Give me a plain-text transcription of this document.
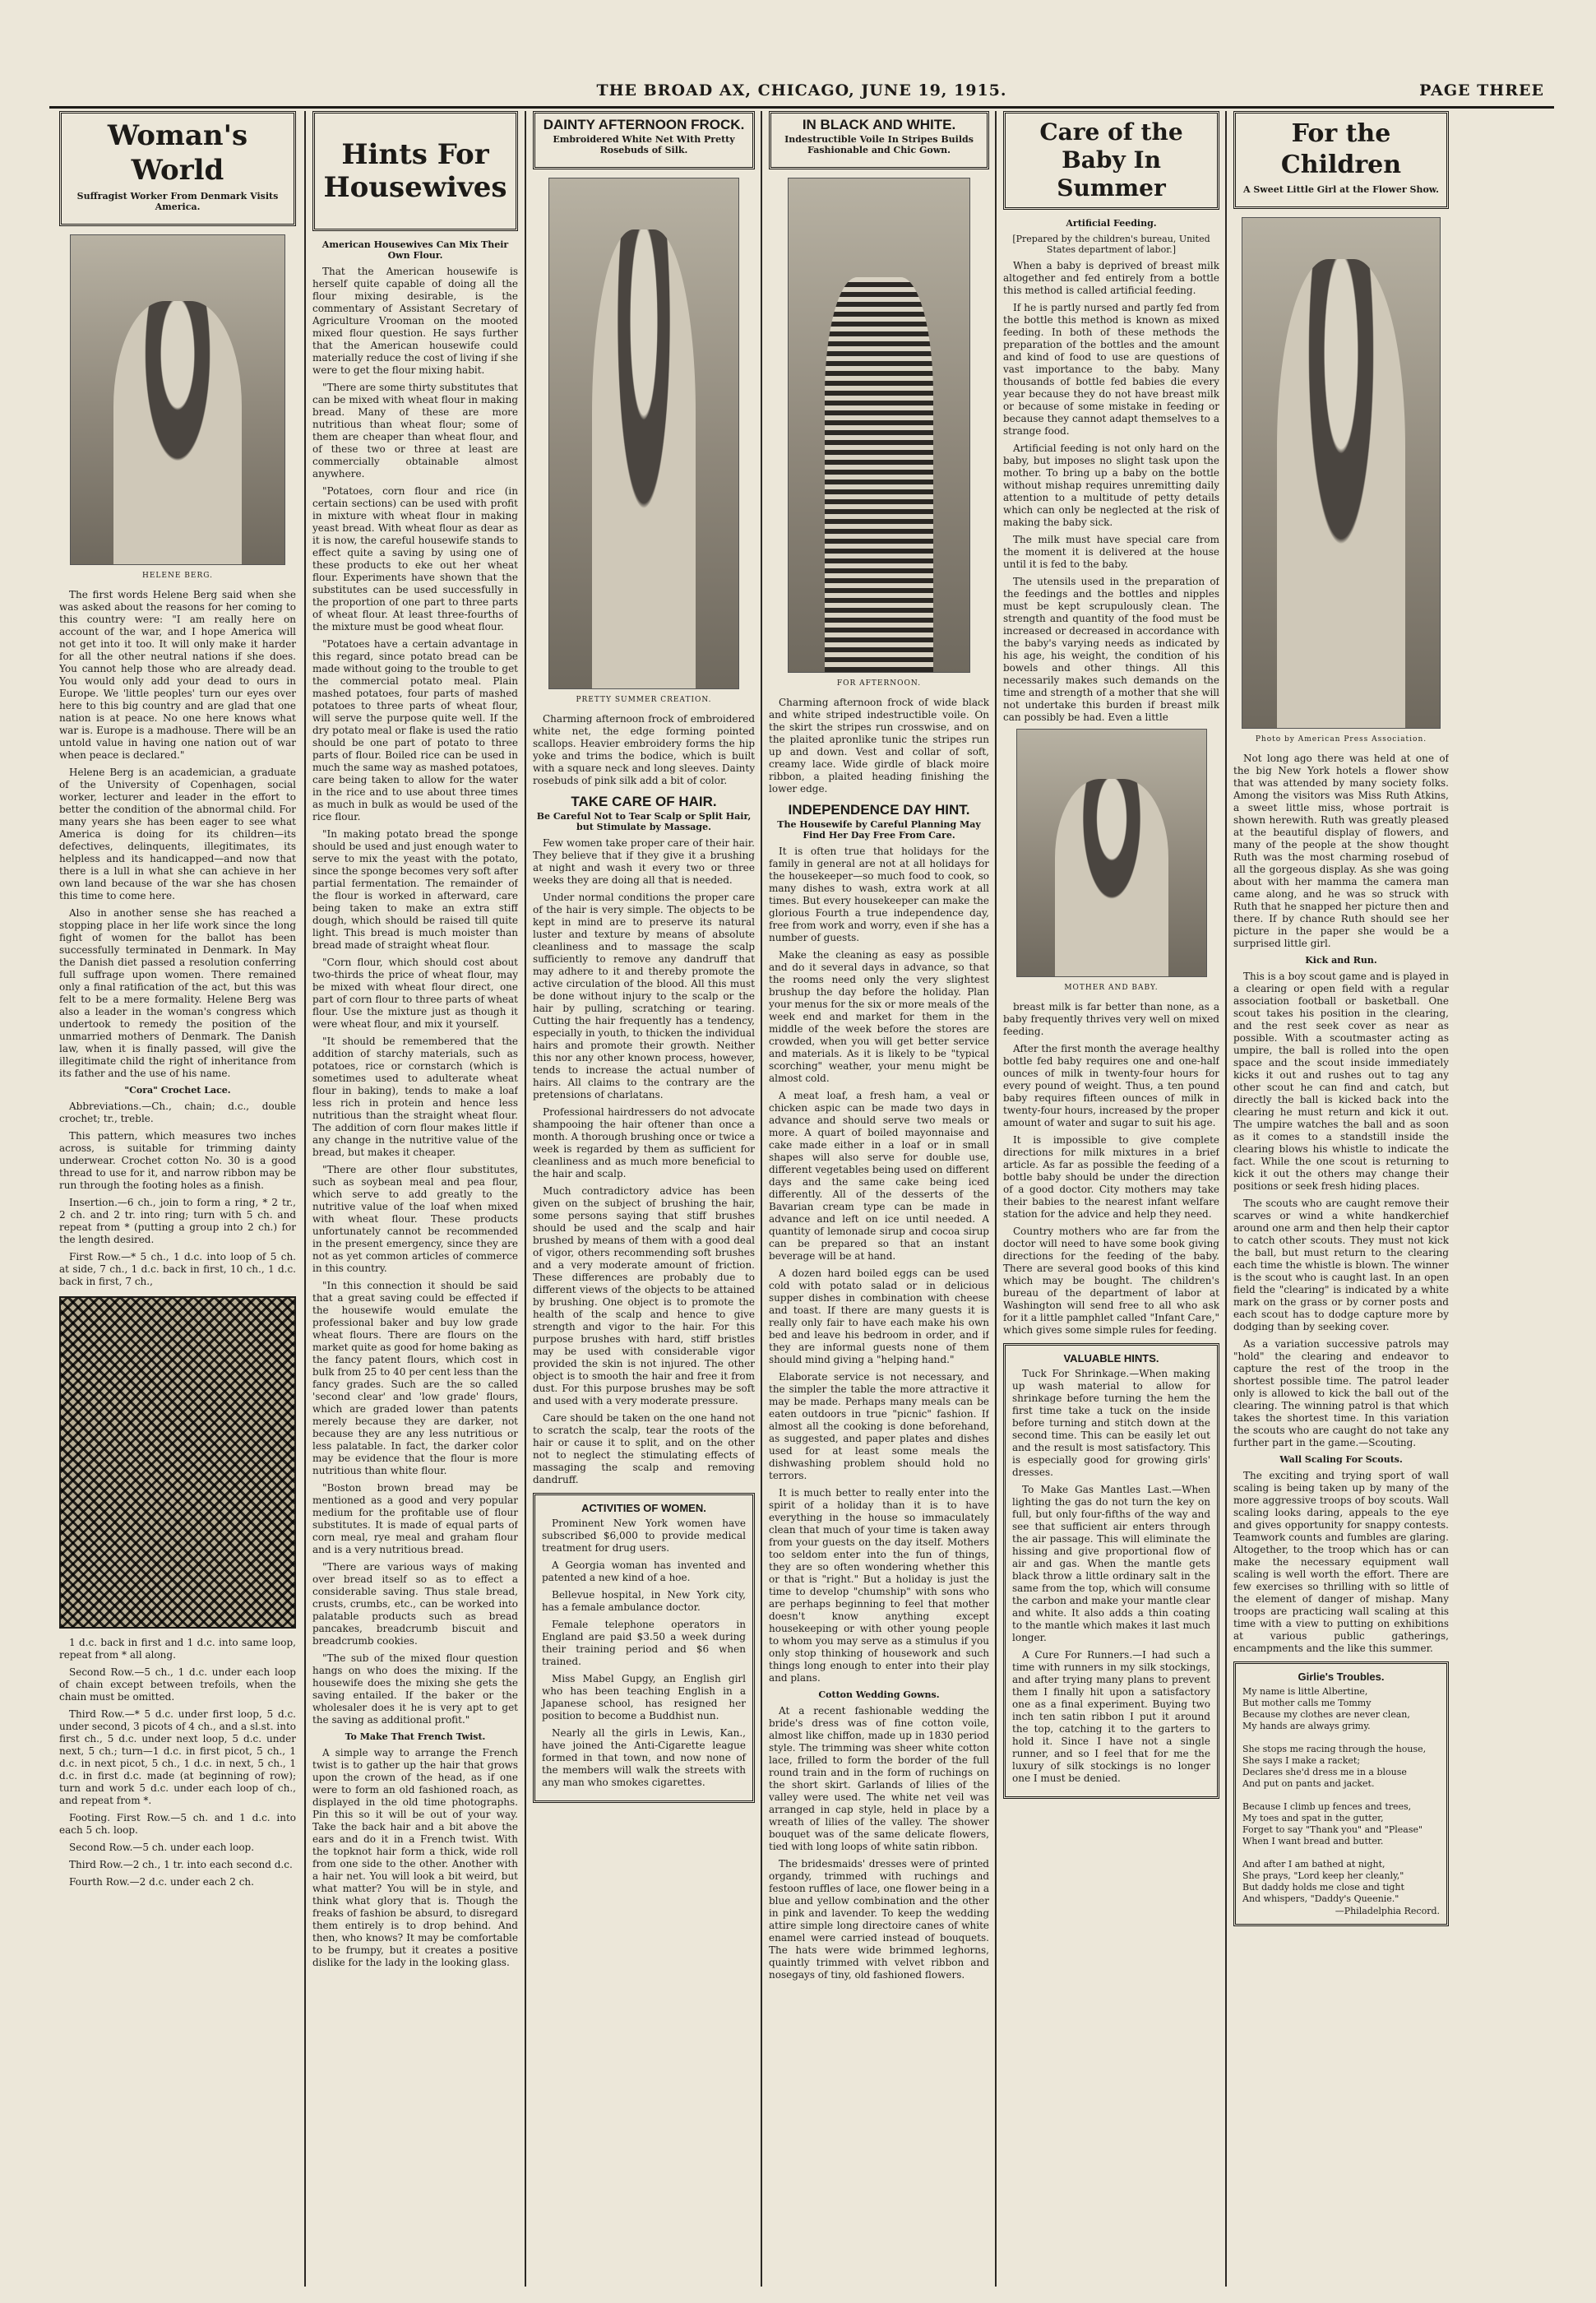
THE BROAD AX, CHICAGO, JUNE 19, 1915.	PAGE THREE
Woman's World
Suffragist Worker From Denmark Visits America.
HELENE BERG.

The first words Helene Berg said when she was asked about the reasons for her coming to this country were: "I am really here on account of the war, and I hope America will not get into it too. It will only make it harder for all the other neutral nations if she does. You cannot help those who are already dead. You would only add your dead to ours in Europe. We 'little peoples' turn our eyes over here to this big country and are glad that one nation is at peace. No one here knows what war is. Europe is a madhouse. There will be an untold value in having one nation out of war when peace is declared."

Helene Berg is an academician, a graduate of the University of Copenhagen, social worker, lecturer and leader in the effort to better the condition of the abnormal child. For many years she has been eager to see what America is doing for its children—its defectives, delinquents, illegitimates, its helpless and its handicapped—and now that there is a lull in what she can achieve in her own land because of the war she has chosen this time to come here.

Also in another sense she has reached a stopping place in her life work since the long fight of women for the ballot has been successfully terminated in Denmark. In May the Danish diet passed a resolution conferring full suffrage upon women. There remained only a final ratification of the act, but this was felt to be a mere formality. Helene Berg was also a leader in the woman's congress which undertook to remedy the position of the unmarried mothers of Denmark. The Danish law, when it is finally passed, will give the illegitimate child the right of inheritance from its father and the use of his name.

"Cora" Crochet Lace.

Abbreviations.—Ch., chain; d.c., double crochet; tr., treble.

This pattern, which measures two inches across, is suitable for trimming dainty underwear. Crochet cotton No. 30 is a good thread to use for it, and narrow ribbon may be run through the footing holes as a finish.

Insertion.—6 ch., join to form a ring, * 2 tr., 2 ch. and 2 tr. into ring; turn with 5 ch. and repeat from * (putting a group into 2 ch.) for the length desired.

First Row.—* 5 ch., 1 d.c. into loop of 5 ch. at side, 7 ch., 1 d.c. back in first, 10 ch., 1 d.c. back in first, 7 ch.,

1 d.c. back in first and 1 d.c. into same loop, repeat from * all along.

Second Row.—5 ch., 1 d.c. under each loop of chain except between trefoils, when the chain must be omitted.

Third Row.—* 5 d.c. under first loop, 5 d.c. under second, 3 picots of 4 ch., and a sl.st. into first ch., 5 d.c. under next loop, 5 d.c. under next, 5 ch.; turn—1 d.c. in first picot, 5 ch., 1 d.c. in next picot, 5 ch., 1 d.c. in next, 5 ch., 1 d.c. in first d.c. made (at beginning of row); turn and work 5 d.c. under each loop of ch., and repeat from *.

Footing. First Row.—5 ch. and 1 d.c. into each 5 ch. loop.

Second Row.—5 ch. under each loop.

Third Row.—2 ch., 1 tr. into each second d.c.

Fourth Row.—2 d.c. under each 2 ch.

Hints For Housewives
American Housewives Can Mix Their Own Flour.

That the American housewife is herself quite capable of doing all the flour mixing desirable, is the commentary of Assistant Secretary of Agriculture Vrooman on the mooted mixed flour question. He says further that the American housewife could materially reduce the cost of living if she were to get the flour mixing habit.

"There are some thirty substitutes that can be mixed with wheat flour in making bread. Many of these are more nutritious than wheat flour; some of them are cheaper than wheat flour, and of these two or three at least are commercially obtainable almost anywhere.

"Potatoes, corn flour and rice (in certain sections) can be used with profit in mixture with wheat flour in making yeast bread. With wheat flour as dear as it is now, the careful housewife stands to effect quite a saving by using one of these products to eke out her wheat flour. Experiments have shown that the substitutes can be used successfully in the proportion of one part to three parts of wheat flour. At least three-fourths of the mixture must be good wheat flour.

"Potatoes have a certain advantage in this regard, since potato bread can be made without going to the trouble to get the commercial potato meal. Plain mashed potatoes, four parts of mashed potatoes to three parts of wheat flour, will serve the purpose quite well. If the dry potato meal or flake is used the ratio should be one part of potato to three parts of flour. Boiled rice can be used in much the same way as mashed potatoes, care being taken to allow for the water in the rice and to use about three times as much in bulk as would be used of the rice flour.

"In making potato bread the sponge should be used and just enough water to serve to mix the yeast with the potato, since the sponge becomes very soft after partial fermentation. The remainder of the flour is worked in afterward, care being taken to make an extra stiff dough, which should be raised till quite light. This bread is much moister than bread made of straight wheat flour.

"Corn flour, which should cost about two-thirds the price of wheat flour, may be mixed with wheat flour direct, one part of corn flour to three parts of wheat flour. Use the mixture just as though it were wheat flour, and mix it yourself.

"It should be remembered that the addition of starchy materials, such as potatoes, rice or cornstarch (which is sometimes used to adulterate wheat flour in baking), tends to make a loaf less rich in protein and hence less nutritious than the straight wheat flour. The addition of corn flour makes little if any change in the nutritive value of the bread, but makes it cheaper.

"There are other flour substitutes, such as soybean meal and pea flour, which serve to add greatly to the nutritive value of the loaf when mixed with wheat flour. These products unfortunately cannot be recommended in the present emergency, since they are not as yet common articles of commerce in this country.

"In this connection it should be said that a great saving could be effected if the housewife would emulate the professional baker and buy low grade wheat flours. There are flours on the market quite as good for home baking as the fancy patent flours, which cost in bulk from 25 to 40 per cent less than the fancy grades. Such are the so called 'second clear' and 'low grade' flours, which are graded lower than patents merely because they are darker, not because they are any less nutritious or less palatable. In fact, the darker color may be evidence that the flour is more nutritious than white flour.

"Boston brown bread may be mentioned as a good and very popular medium for the profitable use of flour substitutes. It is made of equal parts of corn meal, rye meal and graham flour and is a very nutritious bread.

"There are various ways of making over bread itself so as to effect a considerable saving. Thus stale bread, crusts, crumbs, etc., can be worked into palatable products such as bread pancakes, breadcrumb biscuit and breadcrumb cookies.

"The sub of the mixed flour question hangs on who does the mixing. If the housewife does the mixing she gets the saving entailed. If the baker or the wholesaler does it he is very apt to get the saving as additional profit."

To Make That French Twist.

A simple way to arrange the French twist is to gather up the hair that grows upon the crown of the head, as if one were to form an old fashioned roach, as displayed in the old time photographs. Pin this so it will be out of your way. Take the back hair and a bit above the ears and do it in a French twist. With the topknot hair form a thick, wide roll from one side to the other. Another with a hair net. You will look a bit weird, but what matter? You will be in style, and think what glory that is. Though the freaks of fashion be absurd, to disregard them entirely is to drop behind. And then, who knows? It may be comfortable to be frumpy, but it creates a positive dislike for the lady in the looking glass.

DAINTY AFTERNOON FROCK.
Embroidered White Net With Pretty Rosebuds of Silk.
PRETTY SUMMER CREATION.

Charming afternoon frock of embroidered white net, the edge forming pointed scallops. Heavier embroidery forms the hip yoke and trims the bodice, which is built with a square neck and long sleeves. Dainty rosebuds of pink silk add a bit of color.

TAKE CARE OF HAIR.
Be Careful Not to Tear Scalp or Split Hair, but Stimulate by Massage.

Few women take proper care of their hair. They believe that if they give it a brushing at night and wash it every two or three weeks they are doing all that is needed.

Under normal conditions the proper care of the hair is very simple. The objects to be kept in mind are to preserve its natural luster and texture by means of absolute cleanliness and to massage the scalp sufficiently to remove any dandruff that may adhere to it and thereby promote the active circulation of the blood. All this must be done without injury to the scalp or the hair by pulling, scratching or tearing. Cutting the hair frequently has a tendency, especially in youth, to thicken the individual hairs and promote their growth. Neither this nor any other known process, however, tends to increase the actual number of hairs. All claims to the contrary are the pretensions of charlatans.

Professional hairdressers do not advocate shampooing the hair oftener than once a month. A thorough brushing once or twice a week is regarded by them as sufficient for cleanliness and as much more beneficial to the hair and scalp.

Much contradictory advice has been given on the subject of brushing the hair, some persons saying that stiff brushes should be used and the scalp and hair brushed by means of them with a good deal of vigor, others recommending soft brushes and a very moderate amount of friction. These differences are probably due to different views of the objects to be attained by brushing. One object is to promote the health of the scalp and hence to give strength and vigor to the hair. For this purpose brushes with hard, stiff bristles may be used with considerable vigor provided the skin is not injured. The other object is to smooth the hair and free it from dust. For this purpose brushes may be soft and used with a very moderate pressure.

Care should be taken on the one hand not to scratch the scalp, tear the roots of the hair or cause it to split, and on the other not to neglect the stimulating effects of massaging the scalp and removing dandruff.

ACTIVITIES OF WOMEN.

Prominent New York women have subscribed $6,000 to provide medical treatment for drug users.

A Georgia woman has invented and patented a new kind of a hoe.

Bellevue hospital, in New York city, has a female ambulance doctor.

Female telephone operators in England are paid $3.50 a week during their training period and $6 when trained.

Miss Mabel Gupgy, an English girl who has been teaching English in a Japanese school, has resigned her position to become a Buddhist nun.

Nearly all the girls in Lewis, Kan., have joined the Anti-Cigarette league formed in that town, and now none of the members will walk the streets with any man who smokes cigarettes.

IN BLACK AND WHITE.
Indestructible Voile In Stripes Builds Fashionable and Chic Gown.
FOR AFTERNOON.

Charming afternoon frock of wide black and white striped indestructible voile. On the skirt the stripes run crosswise, and on the plaited apronlike tunic the stripes run up and down. Vest and collar of soft, creamy lace. Wide girdle of black moire ribbon, a plaited heading finishing the lower edge.

INDEPENDENCE DAY HINT.
The Housewife by Careful Planning May Find Her Day Free From Care.

It is often true that holidays for the family in general are not at all holidays for the housekeeper—so much food to cook, so many dishes to wash, extra work at all times. But every housekeeper can make the glorious Fourth a true independence day, free from work and worry, even if she has a number of guests.

Make the cleaning as easy as possible and do it several days in advance, so that the rooms need only the very slightest brushup the day before the holiday. Plan your menus for the six or more meals of the week end and market for them in the middle of the week before the stores are crowded, when you will get better service and materials. As it is likely to be "typical scorching" weather, your menu might be almost cold.

A meat loaf, a fresh ham, a veal or chicken aspic can be made two days in advance and should serve two meals or more. A quart of boiled mayonnaise and cake made either in a loaf or in small shapes will also serve for double use, different vegetables being used on different days and the same cake being iced differently. All of the desserts of the Bavarian cream type can be made in advance and left on ice until needed. A quantity of lemonade sirup and cocoa sirup can be prepared so that an instant beverage will be at hand.

A dozen hard boiled eggs can be used cold with potato salad or in delicious supper dishes in combination with cheese and toast. If there are many guests it is really only fair to have each make his own bed and leave his bedroom in order, and if they are informal guests none of them should mind giving a "helping hand."

Elaborate service is not necessary, and the simpler the table the more attractive it may be made. Perhaps many meals can be eaten outdoors in true "picnic" fashion. If almost all the cooking is done beforehand, as suggested, and paper plates and dishes used for at least some meals the dishwashing problem should hold no terrors.

It is much better to really enter into the spirit of a holiday than it is to have everything in the house so immaculately clean that much of your time is taken away from your guests on the day itself. Mothers too seldom enter into the fun of things, they are so often wondering whether this or that is "right." But a holiday is just the time to develop "chumship" with sons who are perhaps beginning to feel that mother doesn't know anything except housekeeping or with other young people to whom you may serve as a stimulus if you only stop thinking of housework and such things long enough to enter into their play and plans.

Cotton Wedding Gowns.

At a recent fashionable wedding the bride's dress was of fine cotton voile, almost like chiffon, made up in 1830 period style. The trimming was sheer white cotton lace, frilled to form the border of the full round train and in the form of ruchings on the short skirt. Garlands of lilies of the valley were used. The white net veil was arranged in cap style, held in place by a wreath of lilies of the valley. The shower bouquet was of the same delicate flowers, tied with long loops of white satin ribbon.

The bridesmaids' dresses were of printed organdy, trimmed with ruchings and festoon ruffles of lace, one flower being in a blue and yellow combination and the other in pink and lavender. To keep the wedding attire simple long directoire canes of white enamel were carried instead of bouquets. The hats were wide brimmed leghorns, quaintly trimmed with velvet ribbon and nosegays of tiny, old fashioned flowers.

Care of the Baby In Summer
Artificial Feeding.
[Prepared by the children's bureau, United States department of labor.]

When a baby is deprived of breast milk altogether and fed entirely from a bottle this method is called artificial feeding.

If he is partly nursed and partly fed from the bottle this method is known as mixed feeding. In both of these methods the preparation of the bottles and the amount and kind of food to use are questions of vast importance to the baby. Many thousands of bottle fed babies die every year because they do not have breast milk or because of some mistake in feeding or because they cannot adapt themselves to a strange food.

Artificial feeding is not only hard on the baby, but imposes no slight task upon the mother. To bring up a baby on the bottle without mishap requires unremitting daily attention to a multitude of petty details which can only be neglected at the risk of making the baby sick.

The milk must have special care from the moment it is delivered at the house until it is fed to the baby.

The utensils used in the preparation of the feedings and the bottles and nipples must be kept scrupulously clean. The strength and quantity of the food must be increased or decreased in accordance with the baby's varying needs as indicated by his age, his weight, the condition of his bowels and other things. All this necessarily makes such demands on the time and strength of a mother that she will not undertake this burden if breast milk can possibly be had. Even a little

MOTHER AND BABY.

breast milk is far better than none, as a baby frequently thrives very well on mixed feeding.

After the first month the average healthy bottle fed baby requires one and one-half ounces of milk in twenty-four hours for every pound of weight. Thus, a ten pound baby requires fifteen ounces of milk in twenty-four hours, increased by the proper amount of water and sugar to suit his age.

It is impossible to give complete directions for milk mixtures in a brief article. As far as possible the feeding of a bottle baby should be under the direction of a good doctor. City mothers may take their babies to the nearest infant welfare station for the advice and help they need.

Country mothers who are far from the doctor will need to have some book giving directions for the feeding of the baby. There are several good books of this kind which may be bought. The children's bureau of the department of labor at Washington will send free to all who ask for it a little pamphlet called "Infant Care," which gives some simple rules for feeding.

VALUABLE HINTS.

Tuck For Shrinkage.—When making up wash material to allow for shrinkage before turning the hem the first time take a tuck on the inside before turning and stitch down at the second time. This can be easily let out and the result is most satisfactory. This is especially good for growing girls' dresses.

To Make Gas Mantles Last.—When lighting the gas do not turn the key on full, but only four-fifths of the way and see that sufficient air enters through the air passage. This will eliminate the hissing and give proportional flow of air and gas. When the mantle gets black throw a little ordinary salt in the same from the top, which will consume the carbon and make your mantle clear and white. It also adds a thin coating to the mantle which makes it last much longer.

A Cure For Runners.—I had such a time with runners in my silk stockings, and after trying many plans to prevent them I finally hit upon a satisfactory one as a final experiment. Buying two inch ten satin ribbon I put it around the top, catching it to the garters to hold it. Since I have not a single runner, and so I feel that for me the luxury of silk stockings is no longer one I must be denied.

For the Children
A Sweet Little Girl at the Flower Show.
Photo by American Press Association.

Not long ago there was held at one of the big New York hotels a flower show that was attended by many society folks. Among the visitors was Miss Ruth Atkins, a sweet little miss, whose portrait is shown herewith. Ruth was greatly pleased at the beautiful display of flowers, and many of the people at the show thought Ruth was the most charming rosebud of all the gorgeous display. As she was going about with her mamma the camera man came along, and he was so struck with Ruth that he snapped her picture then and there. If by chance Ruth should see her picture in the paper she would be a surprised little girl.

Kick and Run.

This is a boy scout game and is played in a clearing or open field with a regular association football or basketball. One scout takes his position in the clearing, and the rest seek cover as near as possible. With a scoutmaster acting as umpire, the ball is rolled into the open space and the scout inside immediately kicks it out and rushes out to tag any other scout he can find and catch, but directly the ball is kicked back into the clearing he must return and kick it out. The umpire watches the ball and as soon as it comes to a standstill inside the clearing blows his whistle to indicate the fact. While the one scout is returning to kick it out the others may change their positions or seek fresh hiding places.

The scouts who are caught remove their scarves or wind a white handkerchief around one arm and then help their captor to catch other scouts. They must not kick the ball, but must return to the clearing each time the whistle is blown. The winner is the scout who is caught last. In an open field the "clearing" is indicated by a white mark on the grass or by corner posts and each scout has to dodge capture more by dodging than by seeking cover.

As a variation successive patrols may "hold" the clearing and endeavor to capture the rest of the troop in the shortest possible time. The patrol leader only is allowed to kick the ball out of the clearing. The winning patrol is that which takes the shortest time. In this variation the scouts who are caught do not take any further part in the game.—Scouting.

Wall Scaling For Scouts.

The exciting and trying sport of wall scaling is being taken up by many of the more aggressive troops of boy scouts. Wall scaling looks daring, appeals to the eye and gives opportunity for snappy contests. Teamwork counts and fumbles are glaring. Altogether, to the troop which has or can make the necessary equipment wall scaling is well worth the effort. There are few exercises so thrilling with so little of the element of danger of mishap. Many troops are practicing wall scaling at this time with a view to putting on exhibitions at various public gatherings, encampments and the like this summer.

Girlie's Troubles.
My name is little Albertine,
But mother calls me Tommy
Because my clothes are never clean,
My hands are always grimy.

She stops me racing through the house,
She says I make a racket;
Declares she'd dress me in a blouse
And put on pants and jacket.

Because I climb up fences and trees,
My toes and spat in the gutter,
Forget to say "Thank you" and "Please"
When I want bread and butter.

And after I am bathed at night,
She prays, "Lord keep her cleanly,"
But daddy holds me close and tight
And whispers, "Daddy's Queenie."
—Philadelphia Record.
